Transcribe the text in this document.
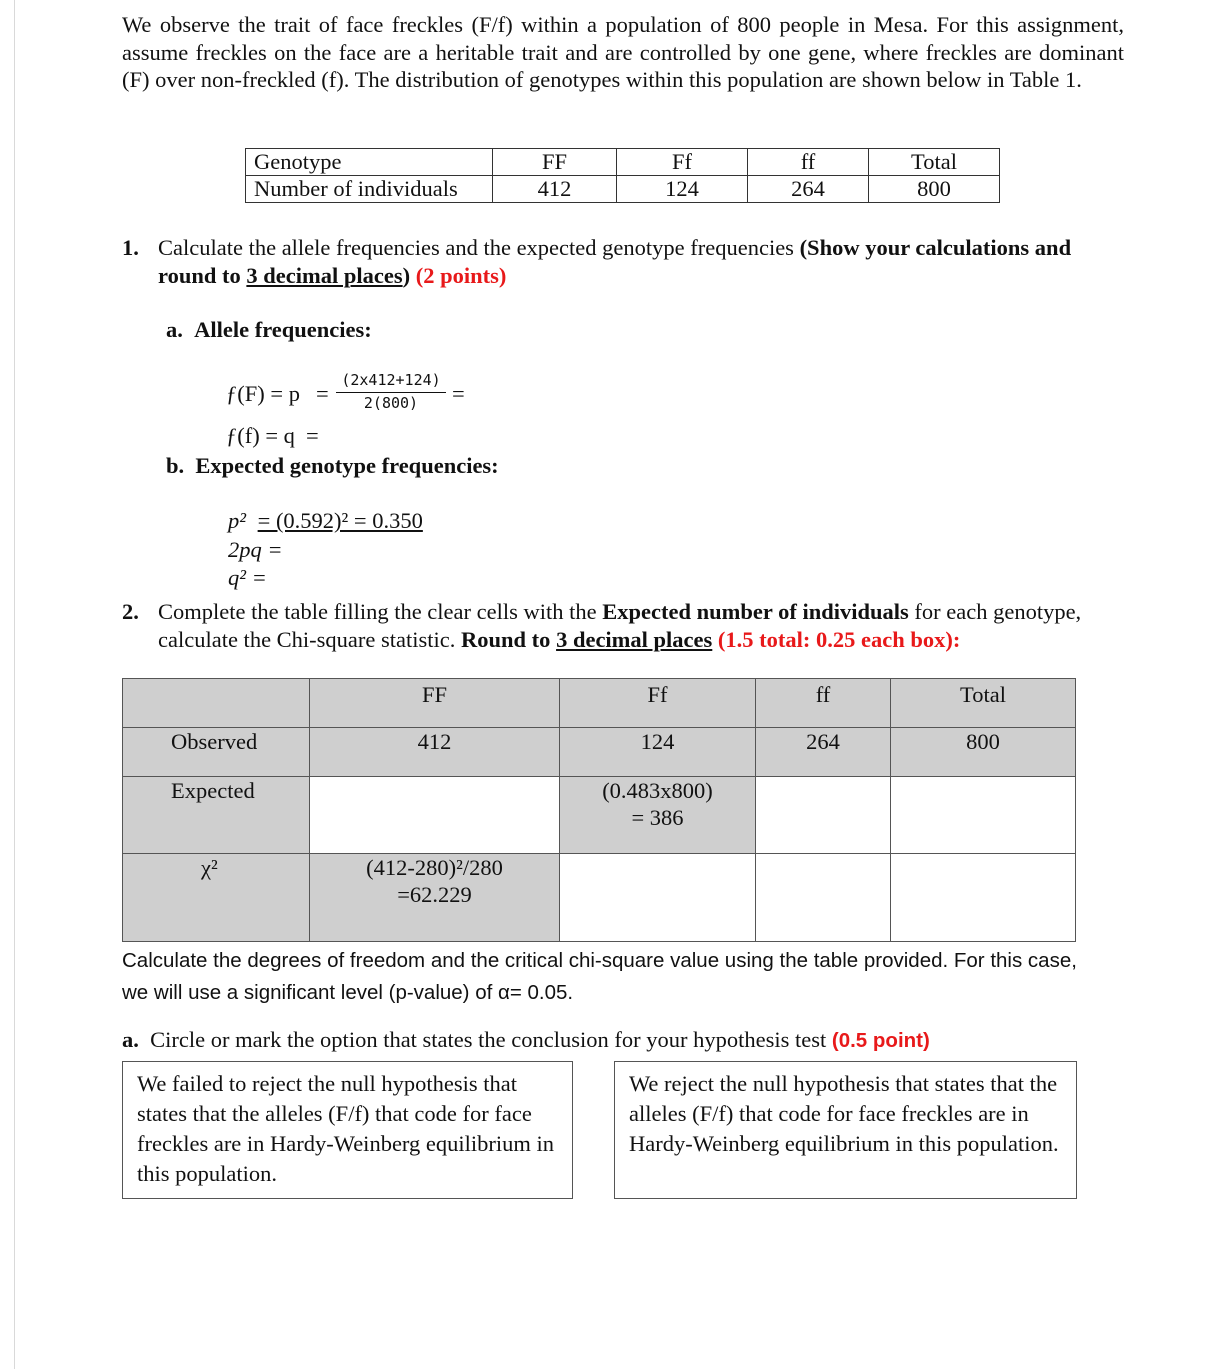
We observe the trait of face freckles (F/f) within a population of 800 people in Mesa. For this assignment, assume freckles on the face are a heritable trait and are controlled by one gene, where freckles are dominant (F) over non-freckled (f). The distribution of genotypes within this population are shown below in Table 1.
Genotype	FF	Ff	ff	Total
Number of individuals	412	124	264	800
1. Calculate the allele frequencies and the expected genotype frequencies (Show your calculations and round to 3 decimal places) (2 points)
a. Allele frequencies:
ƒ(F) = p =
(2x412+124)
2(800)	=
ƒ(f) = q =
b. Expected genotype frequencies:
p² = (0.592)² = 0.350
2pq =
q² =
2. Complete the table filling the clear cells with the Expected number of individuals for each genotype, calculate the Chi-square statistic. Round to 3 decimal places (1.5 total: 0.25 each box):
	FF	Ff	ff	Total
Observed	412	124	264	800
Expected		(0.483x800)
= 386		

χ²	(412-280)²/280
=62.229			

Calculate the degrees of freedom and the critical chi-square value using the table provided. For this case, we will use a significant level (p-value) of α= 0.05.
a. Circle or mark the option that states the conclusion for your hypothesis test (0.5 point)
We failed to reject the null hypothesis that states that the alleles (F/f) that code for face freckles are in Hardy-Weinberg equilibrium in this population.
We reject the null hypothesis that states that the alleles (F/f) that code for face freckles are in Hardy-Weinberg equilibrium in this population.
